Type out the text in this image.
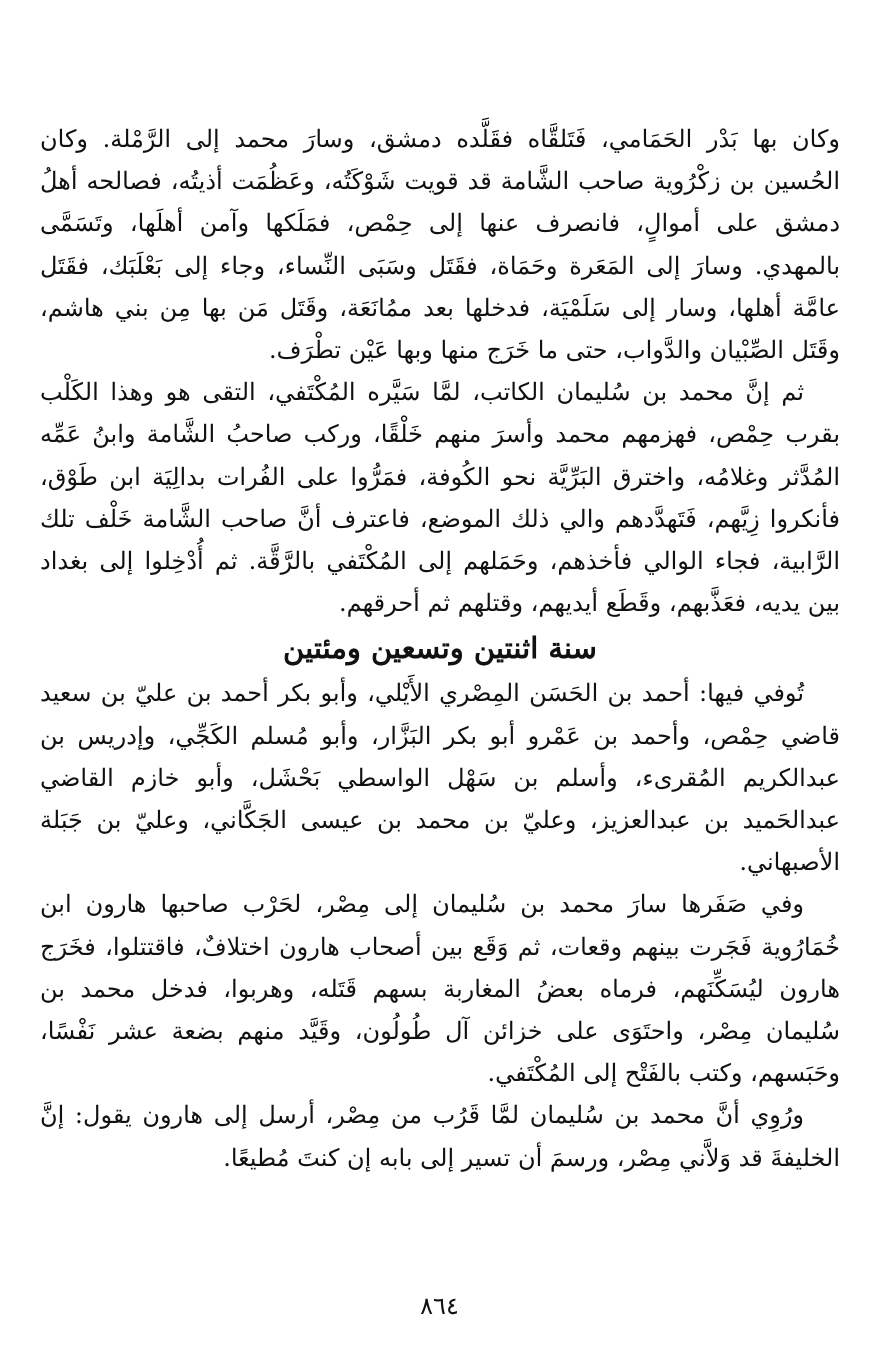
وكان بها بَدْر الحَمَامي، فَتَلقَّاه فقَلَّده دمشق، وسارَ محمد إلى الرَّمْلة. وكان الحُسين بن زكْرُوية صاحب الشَّامة قد قويت شَوْكَتُه، وعَظُمَت أذيتُه، فصالحه أهلُ دمشق على أموالٍ، فانصرف عنها إلى حِمْص، فمَلَكها وآمن أهلَها، وتَسَمَّى بالمهدي. وسارَ إلى المَعَرة وحَمَاة، فقَتَل وسَبَى النِّساء، وجاء إلى بَعْلَبَك، فقَتَل عامَّة أهلها، وسار إلى سَلَمْيَة، فدخلها بعد ممُانَعَة، وقَتَل مَن بها مِن بني هاشم، وقَتَل الصِّبْيان والدَّواب، حتى ما خَرَج منها وبها عَيْن تطْرَف.

ثم إنَّ محمد بن سُليمان الكاتب، لمَّا سَيَّره المُكْتَفي، التقى هو وهذا الكَلْب بقرب حِمْص، فهزمهم محمد وأسرَ منهم خَلْقًا، وركب صاحبُ الشَّامة وابنُ عَمِّه المُدَّثر وغلامُه، واخترق البَرِّيَّة نحو الكُوفة، فمَرُّوا على الفُرات بدالِيَة ابن طَوْق، فأنكروا زِيَّهم، فَتَهدَّدهم والي ذلك الموضع، فاعترف أنَّ صاحب الشَّامة خَلْف تلك الرَّابية، فجاء الوالي فأخذهم، وحَمَلهم إلى المُكْتَفي بالرَّقَّة. ثم أُدْخِلوا إلى بغداد بين يديه، فعَذَّبهم، وقَطَع أيديهم، وقتلهم ثم أحرقهم.

سنة اثنتين وتسعين ومئتين

تُوفي فيها: أحمد بن الحَسَن المِصْري الأَيْلي، وأبو بكر أحمد بن عليّ بن سعيد قاضي حِمْص، وأحمد بن عَمْرو أبو بكر البَزَّار، وأبو مُسلم الكَجِّي، وإدريس بن عبدالكريم المُقرىء، وأسلم بن سَهْل الواسطي بَحْشَل، وأبو خازم القاضي عبدالحَميد بن عبدالعزيز، وعليّ بن محمد بن عيسى الجَكَّاني، وعليّ بن جَبَلة الأصبهاني.

وفي صَفَرها سارَ محمد بن سُليمان إلى مِصْر، لحَرْب صاحبها هارون ابن خُمَارُوية فَجَرت بينهم وقعات، ثم وَقَع بين أصحاب هارون اختلافٌ، فاقتتلوا، فخَرَج هارون ليُسَكِّنَهم، فرماه بعضُ المغاربة بسهم قَتَله، وهربوا، فدخل محمد بن سُليمان مِصْر، واحتَوَى على خزائن آل طُولُون، وقَيَّد منهم بضعة عشر نَفْسًا، وحَبَسهم، وكتب بالفَتْح إلى المُكْتَفي.

ورُوِي أنَّ محمد بن سُليمان لمَّا قَرُب من مِصْر، أرسل إلى هارون يقول: إنَّ الخليفةَ قد وَلاَّني مِصْر، ورسمَ أن تسير إلى بابه إن كنتَ مُطيعًا.

٨٦٤
